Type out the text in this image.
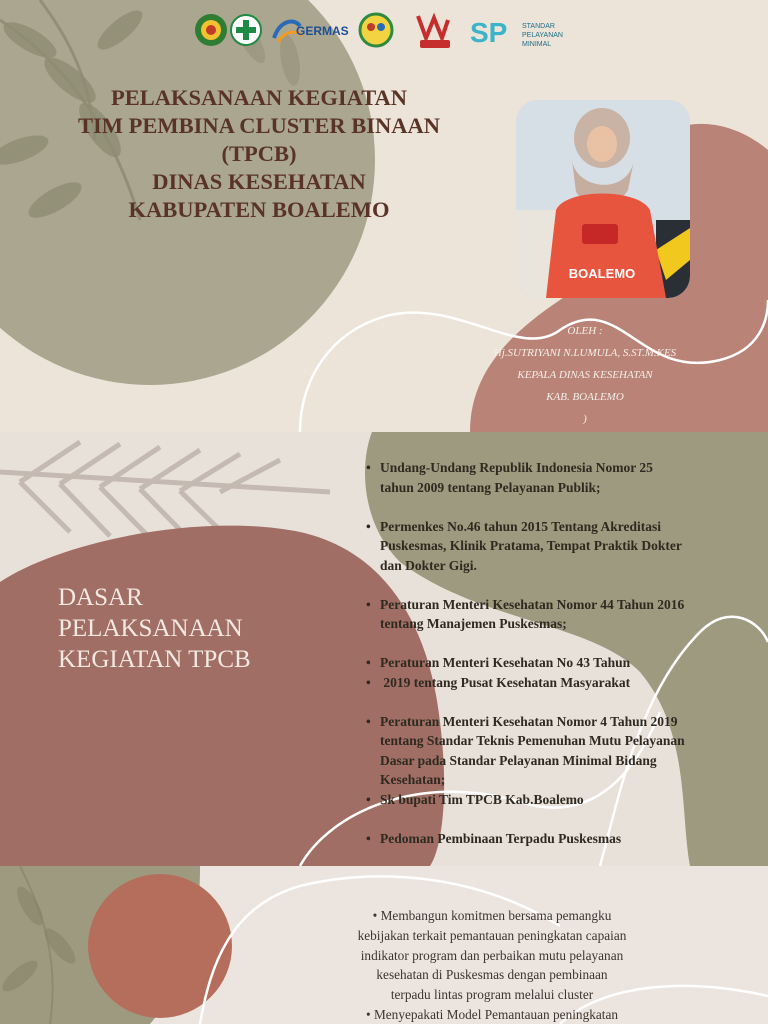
GERMAS	SP STANDAR
PELAYANAN
MINIMAL
PELAKSANAAN KEGIATAN
TIM PEMBINA CLUSTER BINAAN
(TPCB)
DINAS KESEHATAN
KABUPATEN BOALEMO
BOALEMO
OLEH :
Hj.SUTRIYANI N.LUMULA, S.ST.M.KES
KEPALA DINAS KESEHATAN
KAB. BOALEMO
)
DASAR
PELAKSANAAN
KEGIATAN TPCB
• Undang-Undang Republik Indonesia Nomor 25
tahun 2009 tentang Pelayanan Publik;
• Permenkes No.46 tahun 2015 Tentang Akreditasi
Puskesmas, Klinik Pratama, Tempat Praktik Dokter
dan Dokter Gigi.
• Peraturan Menteri Kesehatan Nomor 44 Tahun 2016
tentang Manajemen Puskesmas;
• Peraturan Menteri Kesehatan No 43 Tahun
• 2019 tentang Pusat Kesehatan Masyarakat
• Peraturan Menteri Kesehatan Nomor 4 Tahun 2019
tentang Standar Teknis Pemenuhan Mutu Pelayanan
Dasar pada Standar Pelayanan Minimal Bidang
Kesehatan;
• Sk bupati Tim TPCB Kab.Boalemo
• Pedoman Pembinaan Terpadu Puskesmas
• Membangun komitmen bersama pemangku
kebijakan terkait pemantauan peningkatan capaian
indikator program dan perbaikan mutu pelayanan
kesehatan di Puskesmas dengan pembinaan
terpadu lintas program melalui cluster
• Menyepakati Model Pemantauan peningkatan
